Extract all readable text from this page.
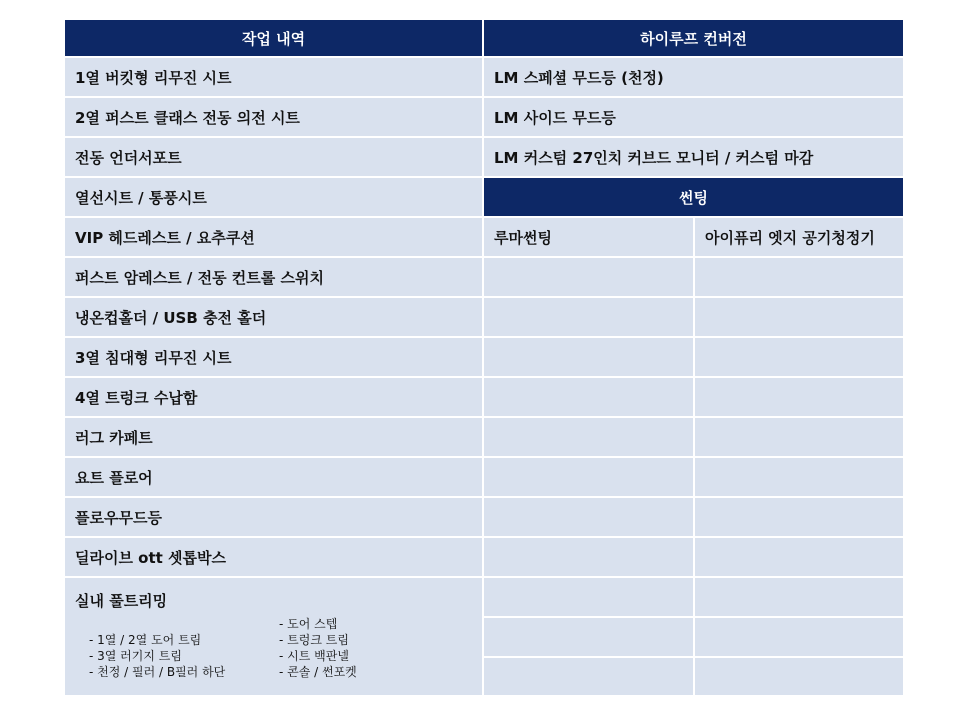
작업 내역	하이루프 컨버전
1열 버킷형 리무진 시트
2열 퍼스트 클래스 전동 의전 시트
전동 언더서포트
열선시트 / 통풍시트
VIP 헤드레스트 / 요추쿠션
퍼스트 암레스트 / 전동 컨트롤 스위치
냉온컵홀더 / USB 충전 홀더
3열 침대형 리무진 시트
4열 트렁크 수납함
러그 카페트
요트 플로어
플로우무드등
딜라이브 ott 셋톱박스
실내 풀트리밍
- 1열 / 2열 도어 트림
- 3열 러기지 트림
- 천정 / 필러 / B필러 하단
- 도어 스텝
- 트렁크 트림
- 시트 백판넬
- 콘솔 / 썬포켓
LM 스페셜 무드등 (천정)
LM 사이드 무드등
LM 커스텀 27인치 커브드 모니터 / 커스텀 마감
썬팅
루마썬팅	아이퓨리 엣지 공기청정기
